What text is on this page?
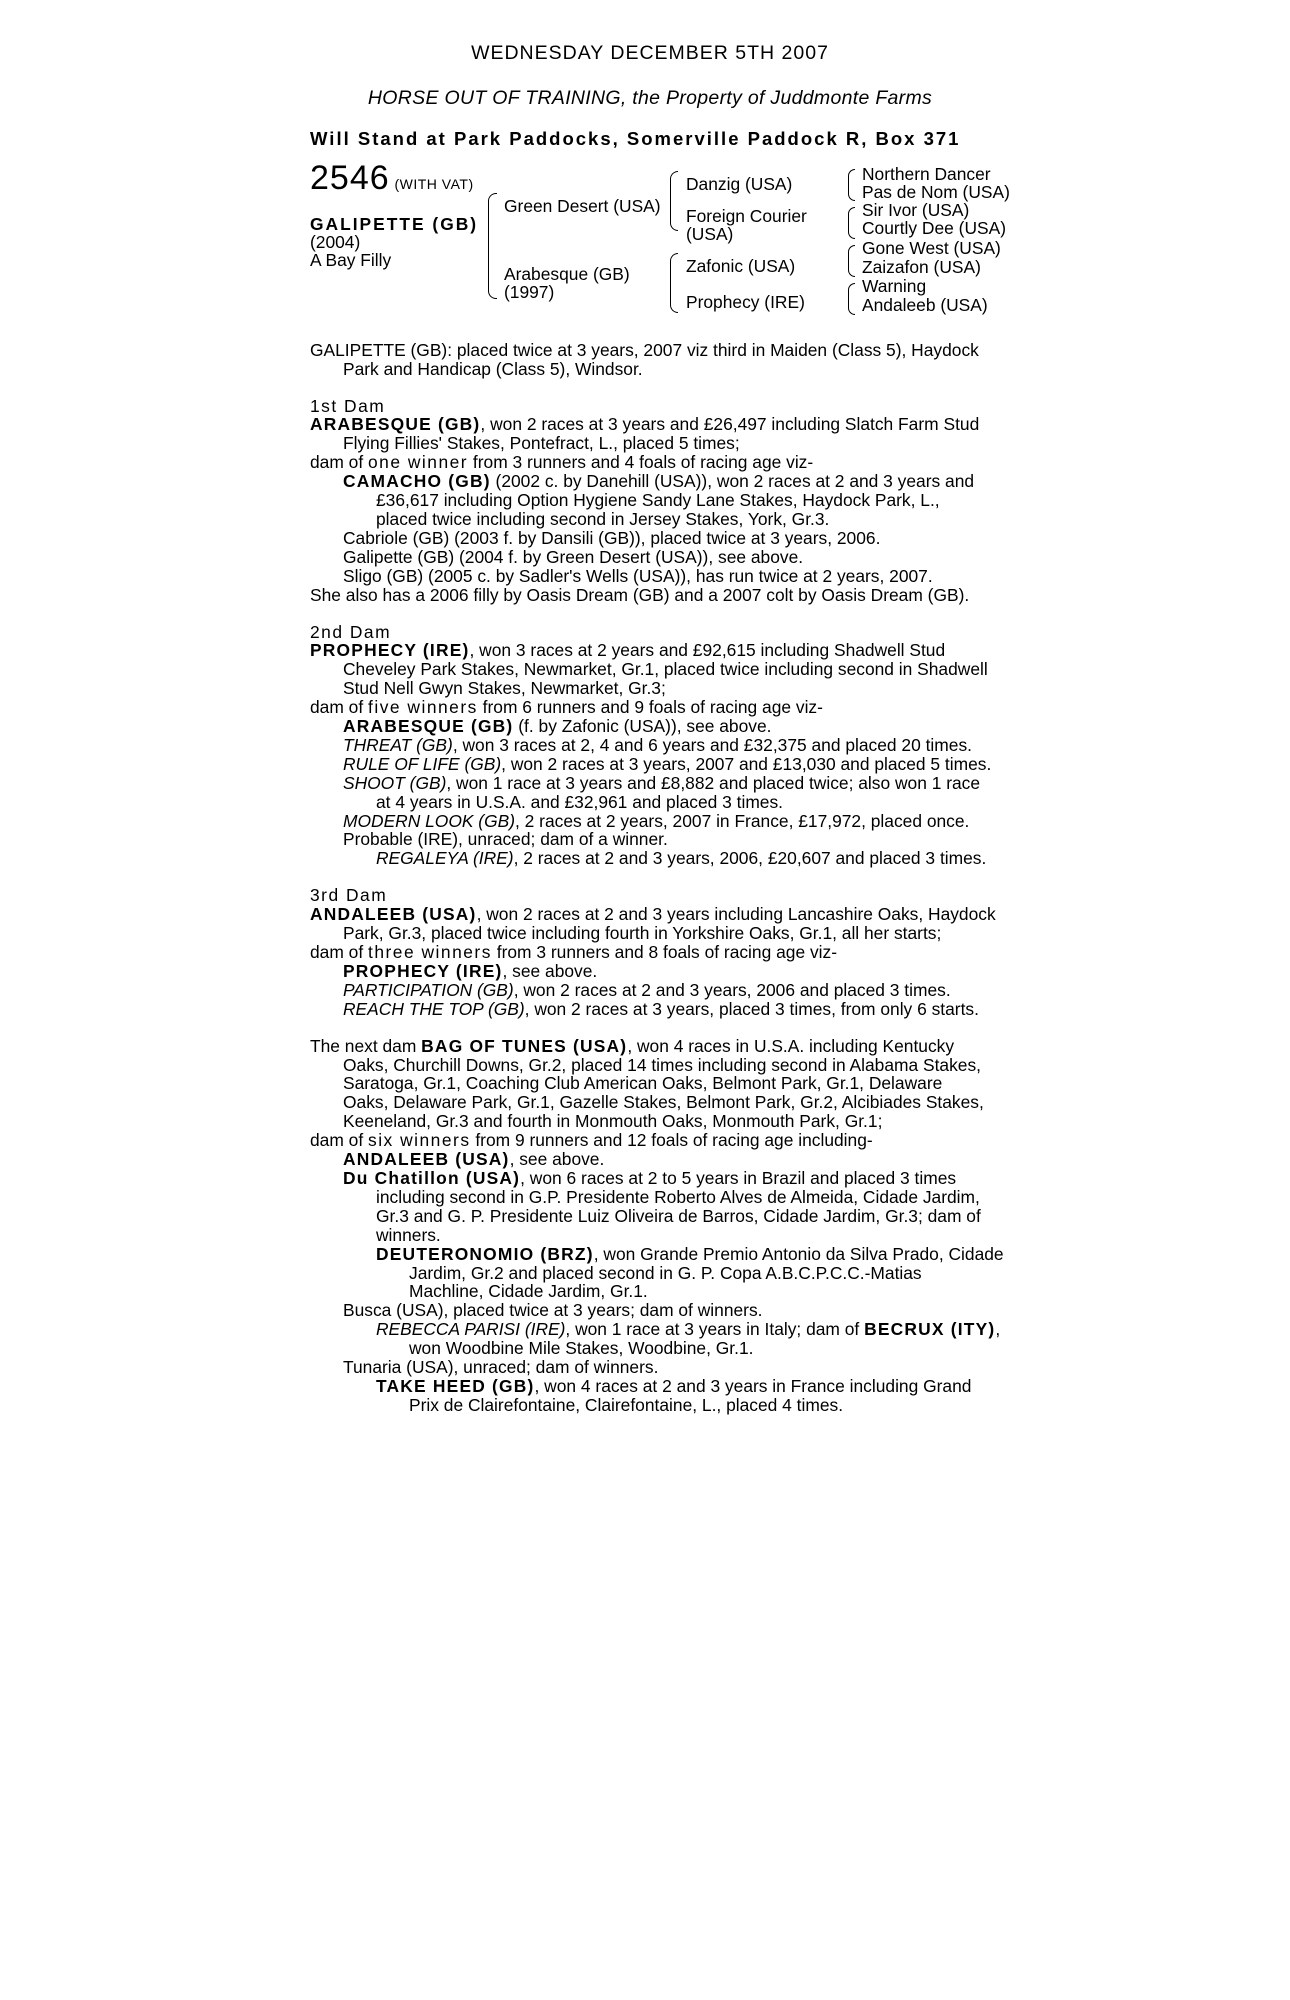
WEDNESDAY DECEMBER 5TH 2007
HORSE OUT OF TRAINING, the Property of Juddmonte Farms
Will Stand at Park Paddocks, Somerville Paddock R, Box 371
2546 (WITH VAT)
GALIPETTE (GB)
(2004)
A Bay Filly
Green Desert (USA)
Arabesque (GB)
(1997)
Danzig (USA)
Foreign Courier
(USA)
Zafonic (USA)
Prophecy (IRE)
Northern Dancer
Pas de Nom (USA)
Sir Ivor (USA)
Courtly Dee (USA)
Gone West (USA)
Zaizafon (USA)
Warning
Andaleeb (USA)
GALIPETTE (GB): placed twice at 3 years, 2007 viz third in Maiden (Class 5), Haydock
Park and Handicap (Class 5), Windsor.
1st Dam
ARABESQUE (GB), won 2 races at 3 years and £26,497 including Slatch Farm Stud
Flying Fillies' Stakes, Pontefract, L., placed 5 times;
dam of one winner from 3 runners and 4 foals of racing age viz-
CAMACHO (GB) (2002 c. by Danehill (USA)), won 2 races at 2 and 3 years and
£36,617 including Option Hygiene Sandy Lane Stakes, Haydock Park, L.,
placed twice including second in Jersey Stakes, York, Gr.3.
Cabriole (GB) (2003 f. by Dansili (GB)), placed twice at 3 years, 2006.
Galipette (GB) (2004 f. by Green Desert (USA)), see above.
Sligo (GB) (2005 c. by Sadler's Wells (USA)), has run twice at 2 years, 2007.
She also has a 2006 filly by Oasis Dream (GB) and a 2007 colt by Oasis Dream (GB).
2nd Dam
PROPHECY (IRE), won 3 races at 2 years and £92,615 including Shadwell Stud
Cheveley Park Stakes, Newmarket, Gr.1, placed twice including second in Shadwell
Stud Nell Gwyn Stakes, Newmarket, Gr.3;
dam of five winners from 6 runners and 9 foals of racing age viz-
ARABESQUE (GB) (f. by Zafonic (USA)), see above.
THREAT (GB), won 3 races at 2, 4 and 6 years and £32,375 and placed 20 times.
RULE OF LIFE (GB), won 2 races at 3 years, 2007 and £13,030 and placed 5 times.
SHOOT (GB), won 1 race at 3 years and £8,882 and placed twice; also won 1 race
at 4 years in U.S.A. and £32,961 and placed 3 times.
MODERN LOOK (GB), 2 races at 2 years, 2007 in France, £17,972, placed once.
Probable (IRE), unraced; dam of a winner.
REGALEYA (IRE), 2 races at 2 and 3 years, 2006, £20,607 and placed 3 times.
3rd Dam
ANDALEEB (USA), won 2 races at 2 and 3 years including Lancashire Oaks, Haydock
Park, Gr.3, placed twice including fourth in Yorkshire Oaks, Gr.1, all her starts;
dam of three winners from 3 runners and 8 foals of racing age viz-
PROPHECY (IRE), see above.
PARTICIPATION (GB), won 2 races at 2 and 3 years, 2006 and placed 3 times.
REACH THE TOP (GB), won 2 races at 3 years, placed 3 times, from only 6 starts.
The next dam BAG OF TUNES (USA), won 4 races in U.S.A. including Kentucky
Oaks, Churchill Downs, Gr.2, placed 14 times including second in Alabama Stakes,
Saratoga, Gr.1, Coaching Club American Oaks, Belmont Park, Gr.1, Delaware
Oaks, Delaware Park, Gr.1, Gazelle Stakes, Belmont Park, Gr.2, Alcibiades Stakes,
Keeneland, Gr.3 and fourth in Monmouth Oaks, Monmouth Park, Gr.1;
dam of six winners from 9 runners and 12 foals of racing age including-
ANDALEEB (USA), see above.
Du Chatillon (USA), won 6 races at 2 to 5 years in Brazil and placed 3 times
including second in G.P. Presidente Roberto Alves de Almeida, Cidade Jardim,
Gr.3 and G. P. Presidente Luiz Oliveira de Barros, Cidade Jardim, Gr.3; dam of
winners.
DEUTERONOMIO (BRZ), won Grande Premio Antonio da Silva Prado, Cidade
Jardim, Gr.2 and placed second in G. P. Copa A.B.C.P.C.C.-Matias
Machline, Cidade Jardim, Gr.1.
Busca (USA), placed twice at 3 years; dam of winners.
REBECCA PARISI (IRE), won 1 race at 3 years in Italy; dam of BECRUX (ITY),
won Woodbine Mile Stakes, Woodbine, Gr.1.
Tunaria (USA), unraced; dam of winners.
TAKE HEED (GB), won 4 races at 2 and 3 years in France including Grand
Prix de Clairefontaine, Clairefontaine, L., placed 4 times.
